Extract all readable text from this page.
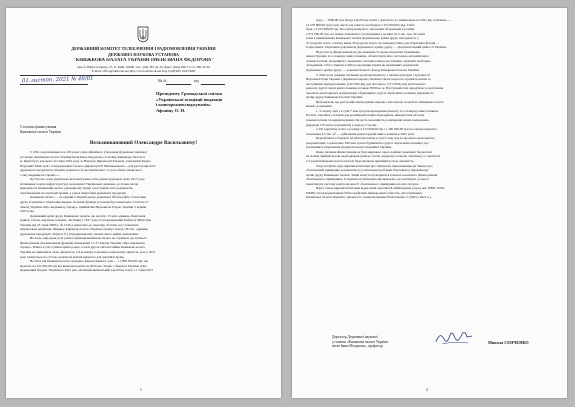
ДЕРЖАВНИЙ КОМІТЕТ ТЕЛЕБАЧЕННЯ І РАДІОМОВЛЕННЯ УКРАЇНИ
ДЕРЖАВНА НАУКОВА УСТАНОВА
"КНИЖКОВА ПАЛАТА УКРАЇНИ ІМЕНІ ІВАНА ФЕДОРОВА"
просп. Юрія Гагаріна, 27, м. Київ, 02660, тел.: (44) 287-41-34, факс: (044) 296-71-15, 296-32-36
E-mail: office@ukrbook.net http://www.ukrbook.net Код ЄДРПОУ 02473085
01.листоп. 2021 № 46/01	На №	від
Президенту Громадської спілки
«Української асоціації видавців
і книгорозповсюджувачів»
Афоніну О. Н.
Стосовно фінансування
Книжкової палати України
Вельмишановний Олександре Васильовичу!
У 2021 році виповнилося 103 роки з дня офіційного утворення Державної наукової
установи «Книжкова палата України імені Івана Федорова». Головну Книжкову Палату в
м. Києві було утворено 24 січня 1919 року за Наказом Директорії Законом, ухваленим Радою
Народних Міністрів і затвердженим Головою Директорії В. Винниченком «...для реєстрації всієї
друкованої продукції на Україні, наукового й систематичного та для обліку кількісного
стану видавничої справи...».
Це був час, коли українська інтелектуальна еліта реконструювала свою 1917 року
вітчизняна теорію інфраструктуру незалежної Української держави, до чільне місце
відводилося Книжковій палаті, державному архіву і реєстрацію всіх документів,
опублікованих на території країни, а також зберігання державної продукції.
Книжкова палата — це єдиний в Україні центр державної бібліографії, статистики
друку й архівного зберігання видань. Основні функції установи було визначено Статтею 27
Закону України «Про видавничу справу», прийнятим Верховною Радою України 5 червня
1997 року.
Державний архів друку Книжкової палати, що налічує 15 млн одиниць зберігання
(книги, газети, журнали, плакати, листівки) з 1917 року. Розпорядженням Кабінету Міністрів
України від 23 січня 2008 р. № 1345-р віднесено до переліку об'єктів, що становлять
національне надбання. Ширину Книжкова палата України отримує понад 150 тис. одиниць
друкованої продукції і зберігає її у впорядкованому, умовах якого майже неможливо.
На жаль, впродовж усіх років існування Книжкова палата не отримала достатнього
фінансування для виконання функцій, визначених ст. 27 Закону України «Про видавничу
справу». Навіть в усіх гуманітарних роках, в часи другої світової війни Книжкова палата
України не припиняла свою діяльність, а її колекція становить національну цінність. Але у 2021
році планується на суттєва допомоги коштів вимогою для закупівлі праць.
На 2021 рік Книжкові палаті доведено фінансування в сумі — 11 988 300,00 грн, що
включає на 251 005,00 грн від видатків коштів на 2020 рік. Згідно з Законом України «Про
Державний бюджет України на 2021 рік» місячний мінімальний заробітну плату з 1 січня 2021
1
року — 7000,00 грн. Фонд заробітної плати з доплатою до мінімальної на 2021 рік становить —
14 279 800,00 грн (тому числі для захисту необхідної 2 272 600,00 грн). Тобто
брак з 2 272 600,00 грн. На електроенергію і оновлення обладнання в розмірі
2 272 600,00 грн, на заміну пожежного устаткування в розмірі 10,5 тис. грн. За таких
умов в приміщеннях Книжкової палати Державному архіві друку знаходиться, у
25 градусів тепла, а влітку вище 30 градусів тепла, що неприпустимо для зберігання фондів —
згідно вимог зберігання документів Державного архіву друку — Документальний цінності України.
Відсутність фінансування на дає можливості провести ремонт приміщень,
реконструкцію 2-го поверху книгосховища, облаштувати його системою автоматичного
пожежогасіння, покращити і оновлення системи електропостачання, закупити необхідне
обладнання, тобто сприяти в 2022 році ризики втрати як незамінних документів
Державного архіву друку — документального фонду Книжкової палати України.
У 2022 році, завдяки спільним зусиллям Комітету з питань культури і духовності
Верховної Ради України і Держкомтелерадіо України, Палаті вдалося отримати кошти за
наступними підпрограмами: (140 769 грн) для поточного і (772 826 грн) капітального
ремонту другої черги книгосховища площею 8500 кв. м. Наступний етап передбачає розроблення
проектно-кошторисної документації і будівництво другої черги книгосховища Державного
архіву друку Книжкової палати України.
Враховуючи, що реєстрація законодавчих видань є нагальною потребою, Книжкова палата
вважає доцільним:
1. У першу чергу в сумі 7 млн грн для проведення ремонту 2-го поверху книгосховища
Палати, закупівлі стелажів для розміщення нових надходжень, використати систему
пожежогасіння і кондиціонування. Це дасть можливість розміщення нових надходжень
(вдрукові 170 тисяч документів) у період 2-3 роки.
2. На заробітну плату в розмірі 2 272 600,00 грн і 1 200 000,00 грн на електроенергію і
оновлення 4,5 тис. м² — здійснення реконструкції книгосховища в 2022 році.
Передбачити в бюджеті на 2022 рік кошти в сумі 5 млн грн на проектно-кошторисну
документацію і орієнтовно 390 млн грн на будівництво другої черги книгосховища, що
уможливить збереження Документальної спадщини України.
Якщо питання фінансування не буде вирішено через дефіцит можливої бюджетної
не можна прийняти нові надходження (книги, газети, журнали, плакати, листівки), то протягом
2-3 років Книжкова палата взагалі буде змушена припинити свою діяльність.
Тому потрібно буде вирішити питання про тимчасове призупинення дії Закону про
обов'язковий примірник документів до розв'язання проблеми зберігання в Державному
архіві друку Книжкової палати. Зміни можуть проводитися в межах належного фінансування
обов'язкового примірника. Із першою публікацією ми вважаємо, що необхідно до цього
переглянути систему контролю якості обов'язкового примірника на цих складах.
Варто також вирішити питання віднесення закупівлі 8 найменувань (серед них ISBN, ISSN,
ISMN) загальнодержавних бібліографічних міжнародних агентств, для утримання
Книжкової палати України у діяльності з національними бібліотеками та УДК (з 2021 р.).
Директор Державної наукової
установи «Книжкова палата України
імені Івана Федорова», професор
Микола СЕНЧЕНКО
2
